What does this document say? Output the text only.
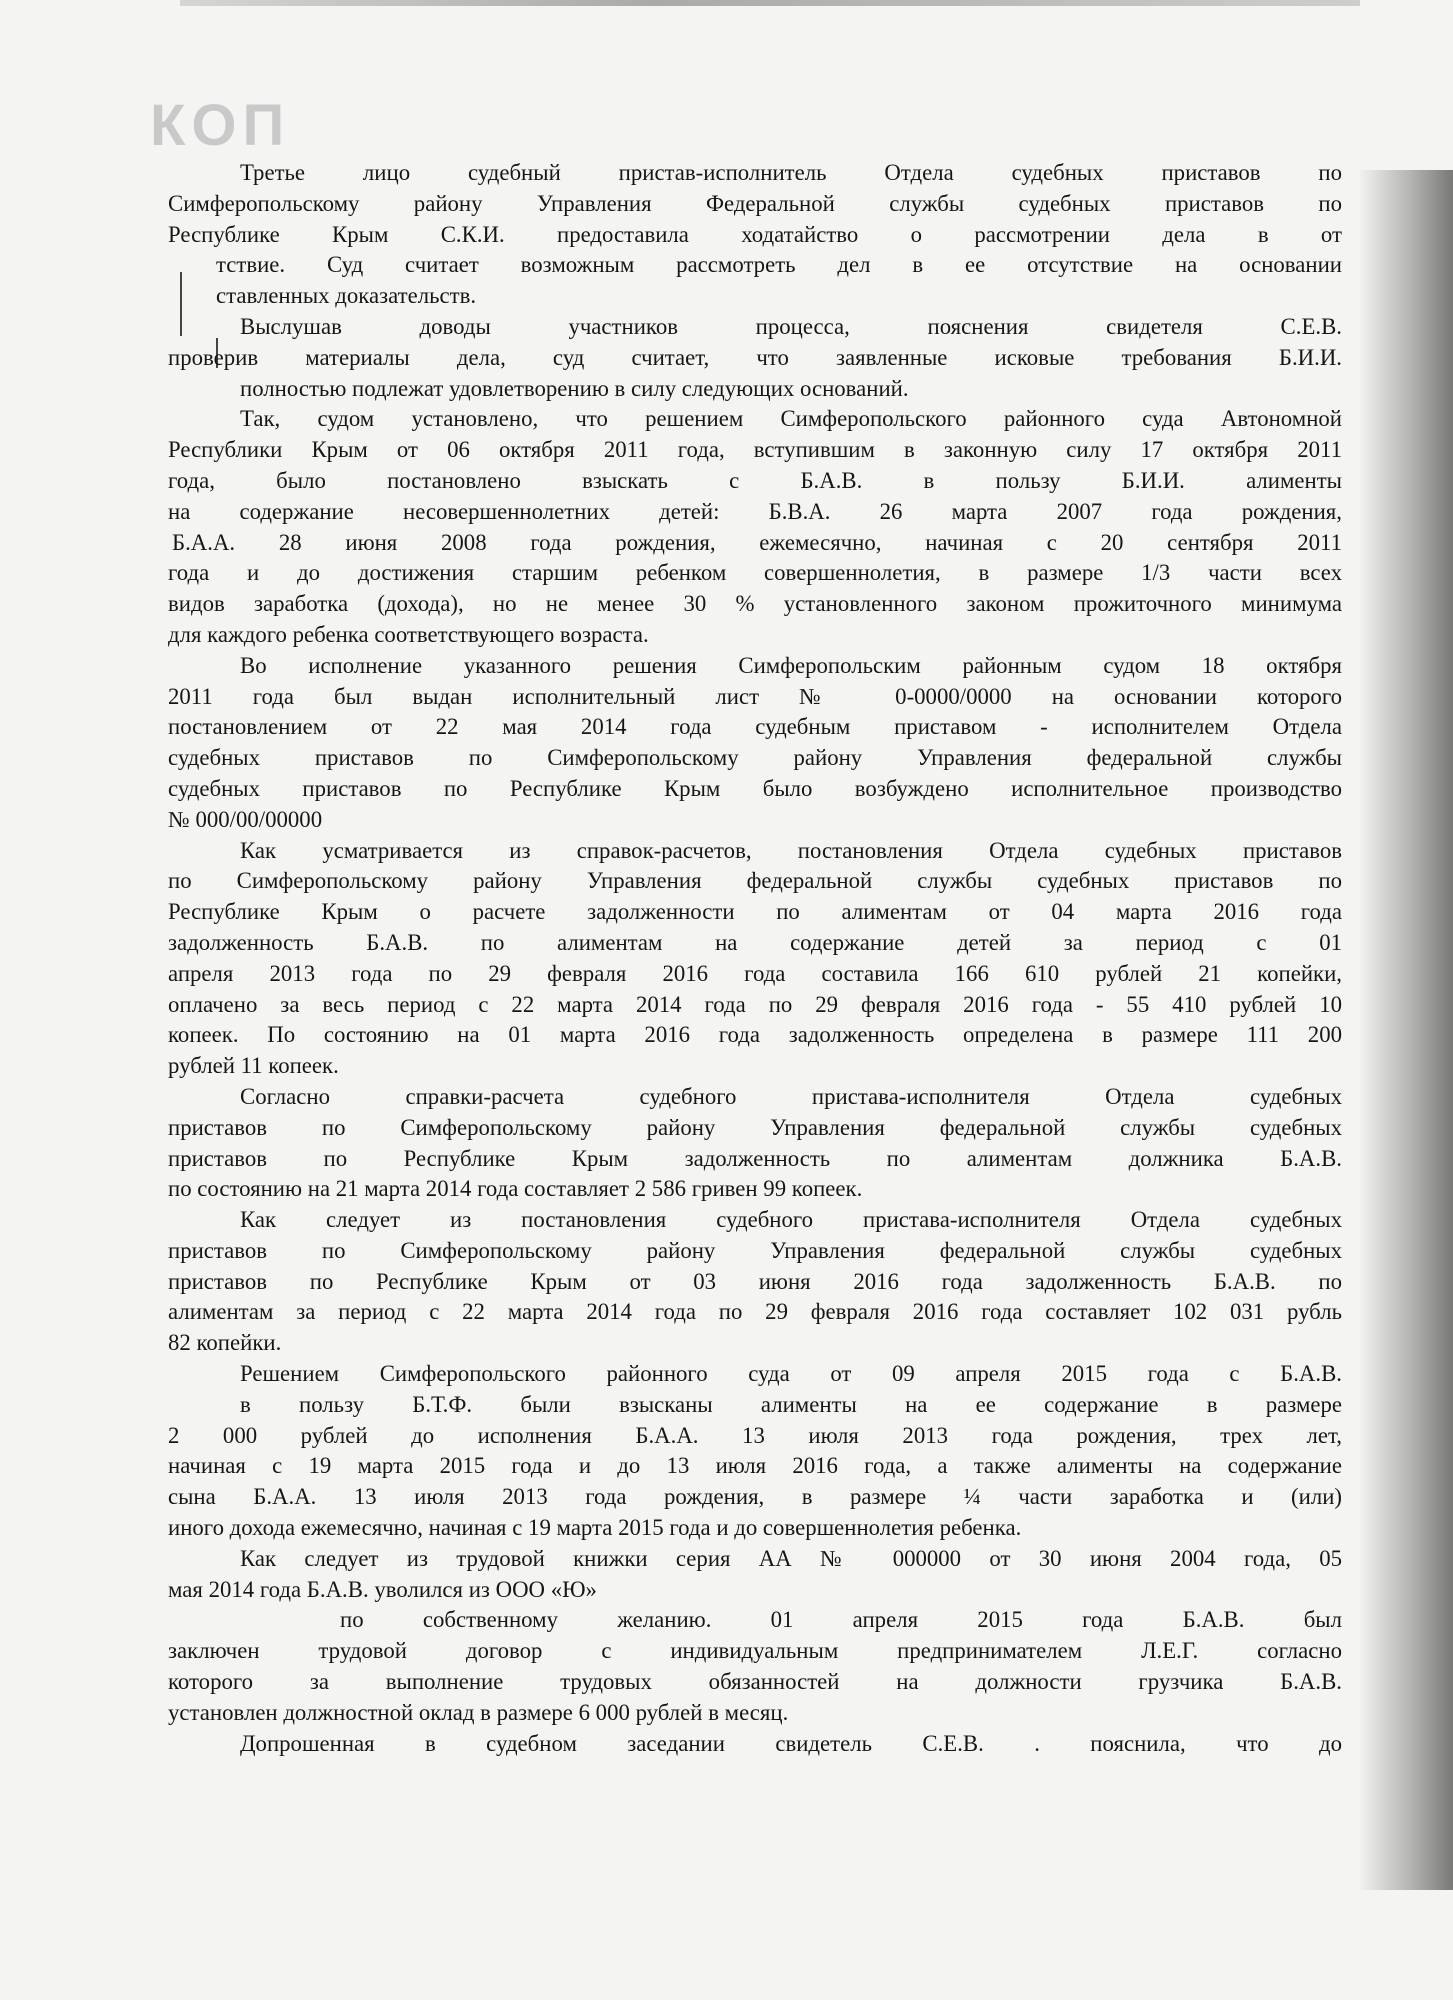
КОП
Третье лицо судебный пристав-исполнитель Отдела судебных приставов по
Симферопольскому району Управления Федеральной службы судебных приставов по
Республике Крым С.К.И. предоставила ходатайство о рассмотрении дела в от
тствие. Суд считает возможным рассмотреть дел в ее отсутствие на основании
ставленных доказательств.
Выслушав доводы участников процесса, пояснения свидетеля С.Е.В.
проверив материалы дела, суд считает, что заявленные исковые требования Б.И.И.
полностью подлежат удовлетворению в силу следующих оснований.
Так, судом установлено, что решением Симферопольского районного суда Автономной
Республики Крым от 06 октября 2011 года, вступившим в законную силу 17 октября 2011
года, было постановлено взыскать с Б.А.В. в пользу Б.И.И. алименты
на содержание несовершеннолетних детей: Б.В.А. 26 марта 2007 года рождения,
Б.А.А. 28 июня 2008 года рождения, ежемесячно, начиная с 20 сентября 2011
года и до достижения старшим ребенком совершеннолетия, в размере 1/3 части всех
видов заработка (дохода), но не менее 30 % установленного законом прожиточного минимума
для каждого ребенка соответствующего возраста.
Во исполнение указанного решения Симферопольским районным судом 18 октября
2011 года был выдан исполнительный лист № 0-0000/0000 на основании которого
постановлением от 22 мая 2014 года судебным приставом - исполнителем Отдела
судебных приставов по Симферопольскому району Управления федеральной службы
судебных приставов по Республике Крым было возбуждено исполнительное производство
№ 000/00/00000
Как усматривается из справок-расчетов, постановления Отдела судебных приставов
по Симферопольскому району Управления федеральной службы судебных приставов по
Республике Крым о расчете задолженности по алиментам от 04 марта 2016 года
задолженность Б.А.В. по алиментам на содержание детей за период с 01
апреля 2013 года по 29 февраля 2016 года составила 166 610 рублей 21 копейки,
оплачено за весь период с 22 марта 2014 года по 29 февраля 2016 года - 55 410 рублей 10
копеек. По состоянию на 01 марта 2016 года задолженность определена в размере 111 200
рублей 11 копеек.
Согласно справки-расчета судебного пристава-исполнителя Отдела судебных
приставов по Симферопольскому району Управления федеральной службы судебных
приставов по Республике Крым задолженность по алиментам должника Б.А.В.
по состоянию на 21 марта 2014 года составляет 2 586 гривен 99 копеек.
Как следует из постановления судебного пристава-исполнителя Отдела судебных
приставов по Симферопольскому району Управления федеральной службы судебных
приставов по Республике Крым от 03 июня 2016 года задолженность Б.А.В. по
алиментам за период с 22 марта 2014 года по 29 февраля 2016 года составляет 102 031 рубль
82 копейки.
Решением Симферопольского районного суда от 09 апреля 2015 года с Б.А.В.
в пользу Б.Т.Ф. были взысканы алименты на ее содержание в размере
2 000 рублей до исполнения Б.А.А. 13 июля 2013 года рождения, трех лет,
начиная с 19 марта 2015 года и до 13 июля 2016 года, а также алименты на содержание
сына Б.А.А. 13 июля 2013 года рождения, в размере ¼ части заработка и (или)
иного дохода ежемесячно, начиная с 19 марта 2015 года и до совершеннолетия ребенка.
Как следует из трудовой книжки серия АА № 000000 от 30 июня 2004 года, 05
мая 2014 года Б.А.В. уволился из ООО «Ю»
по собственному желанию. 01 апреля 2015 года Б.А.В. был
заключен трудовой договор с индивидуальным предпринимателем Л.Е.Г. согласно
которого за выполнение трудовых обязанностей на должности грузчика Б.А.В.
установлен должностной оклад в размере 6 000 рублей в месяц.
Допрошенная в судебном заседании свидетель С.Е.В. . пояснила, что до
